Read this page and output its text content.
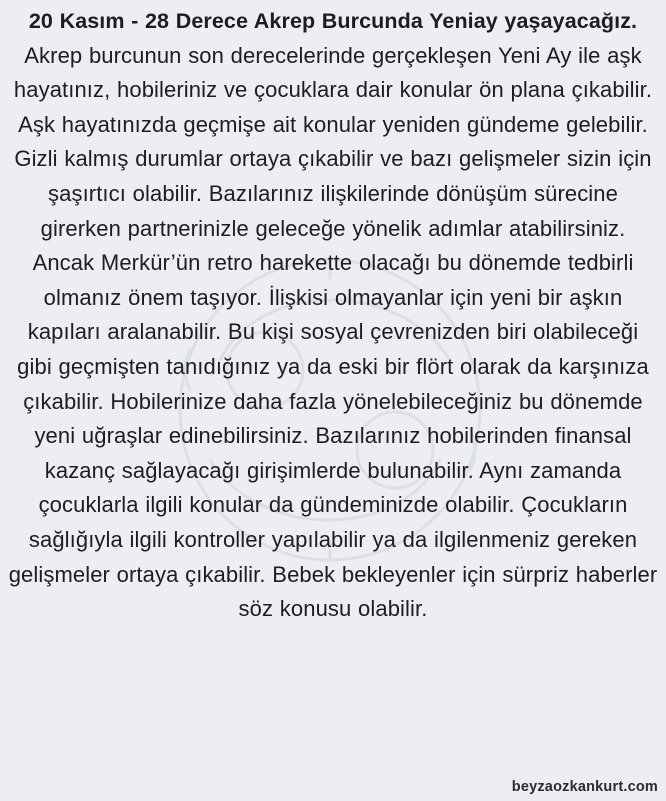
20 Kasım - 28 Derece Akrep Burcunda Yeniay yaşayacağız. Akrep burcunun son derecelerinde gerçekleşen Yeni Ay ile aşk hayatınız, hobileriniz ve çocuklara dair konular ön plana çıkabilir. Aşk hayatınızda geçmişe ait konular yeniden gündeme gelebilir. Gizli kalmış durumlar ortaya çıkabilir ve bazı gelişmeler sizin için şaşırtıcı olabilir. Bazılarınız ilişkilerinde dönüşüm sürecine girerken partnerinizle geleceğe yönelik adımlar atabilirsiniz. Ancak Merkür’ün retro harekette olacağı bu dönemde tedbirli olmanız önem taşıyor. İlişkisi olmayanlar için yeni bir aşkın kapıları aralanabilir. Bu kişi sosyal çevrenizden biri olabileceği gibi geçmişten tanıdığınız ya da eski bir flört olarak da karşınıza çıkabilir. Hobilerinize daha fazla yönelebileceğiniz bu dönemde yeni uğraşlar edinebilirsiniz. Bazılarınız hobilerinden finansal kazanç sağlayacağı girişimlerde bulunabilir. Aynı zamanda çocuklarla ilgili konular da gündeminizde olabilir. Çocukların sağlığıyla ilgili kontroller yapılabilir ya da ilgilenmeniz gereken gelişmeler ortaya çıkabilir. Bebek bekleyenler için sürpriz haberler söz konusu olabilir.

beyzaozkankurt.com
